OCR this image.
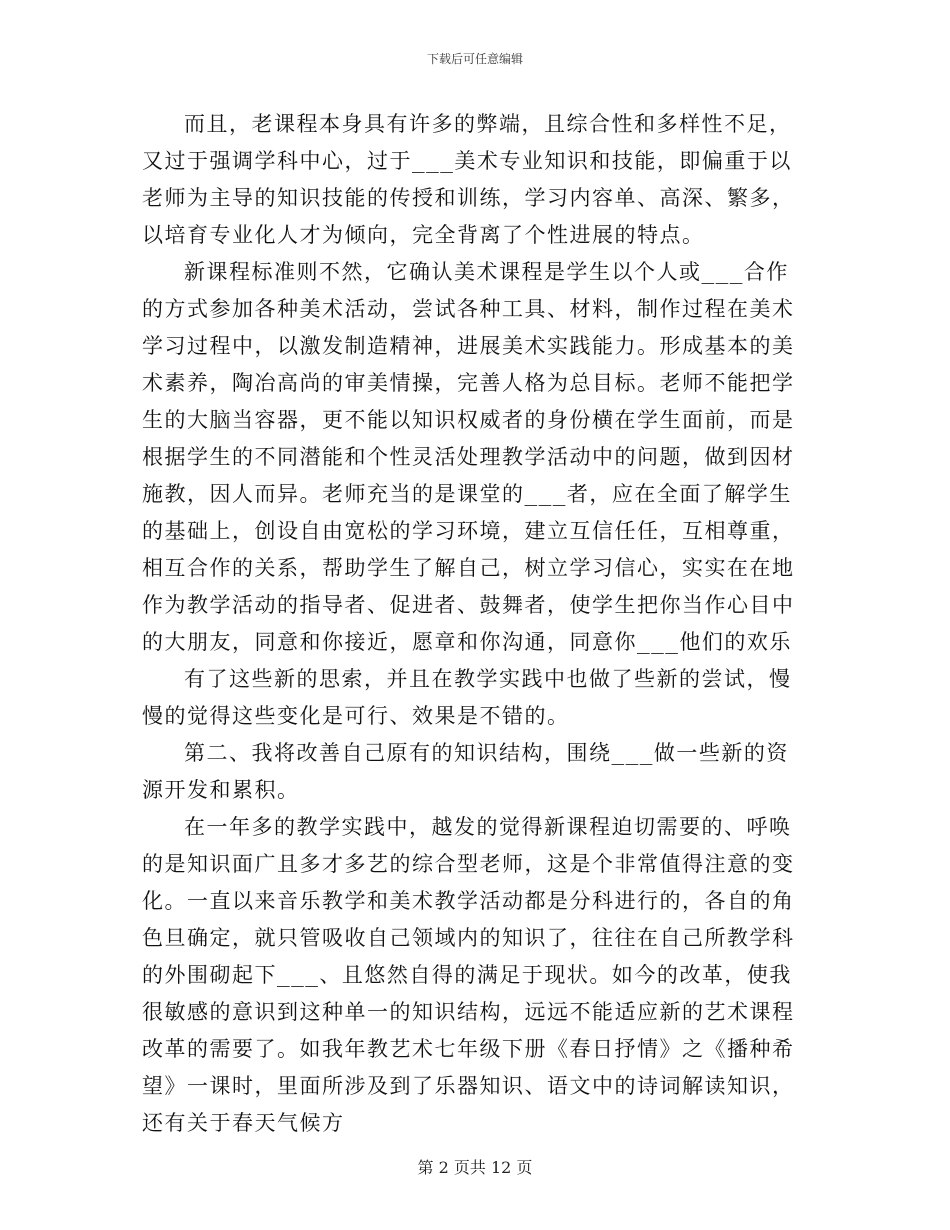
下载后可任意编辑

而且，老课程本身具有许多的弊端，且综合性和多样性不足，又过于强调学科中心，过于___美术专业知识和技能，即偏重于以老师为主导的知识技能的传授和训练，学习内容单、高深、繁多，以培育专业化人才为倾向，完全背离了个性进展的特点。

新课程标准则不然，它确认美术课程是学生以个人或___合作的方式参加各种美术活动，尝试各种工具、材料，制作过程在美术学习过程中，以激发制造精神，进展美术实践能力。形成基本的美术素养，陶冶高尚的审美情操，完善人格为总目标。老师不能把学生的大脑当容器，更不能以知识权威者的身份横在学生面前，而是根据学生的不同潜能和个性灵活处理教学活动中的问题，做到因材施教，因人而异。老师充当的是课堂的___者，应在全面了解学生的基础上，创设自由宽松的学习环境，建立互信任任，互相尊重，相互合作的关系，帮助学生了解自己，树立学习信心，实实在在地作为教学活动的指导者、促进者、鼓舞者，使学生把你当作心目中的大朋友，同意和你接近，愿章和你沟通，同意你___他们的欢乐

有了这些新的思索，并且在教学实践中也做了些新的尝试，慢慢的觉得这些变化是可行、效果是不错的。

第二、我将改善自己原有的知识结构，围绕___做一些新的资源开发和累积。

在一年多的教学实践中，越发的觉得新课程迫切需要的、呼唤的是知识面广且多才多艺的综合型老师，这是个非常值得注意的变化。一直以来音乐教学和美术教学活动都是分科进行的，各自的角色旦确定，就只管吸收自己领域内的知识了，往往在自己所教学科的外围砌起下___、且悠然自得的满足于现状。如今的改革，使我很敏感的意识到这种单一的知识结构，远远不能适应新的艺术课程改革的需要了。如我年教艺术七年级下册《春日抒情》之《播种希望》一课时，里面所涉及到了乐器知识、语文中的诗词解读知识，还有关于春天气候方

第 2 页共 12 页
